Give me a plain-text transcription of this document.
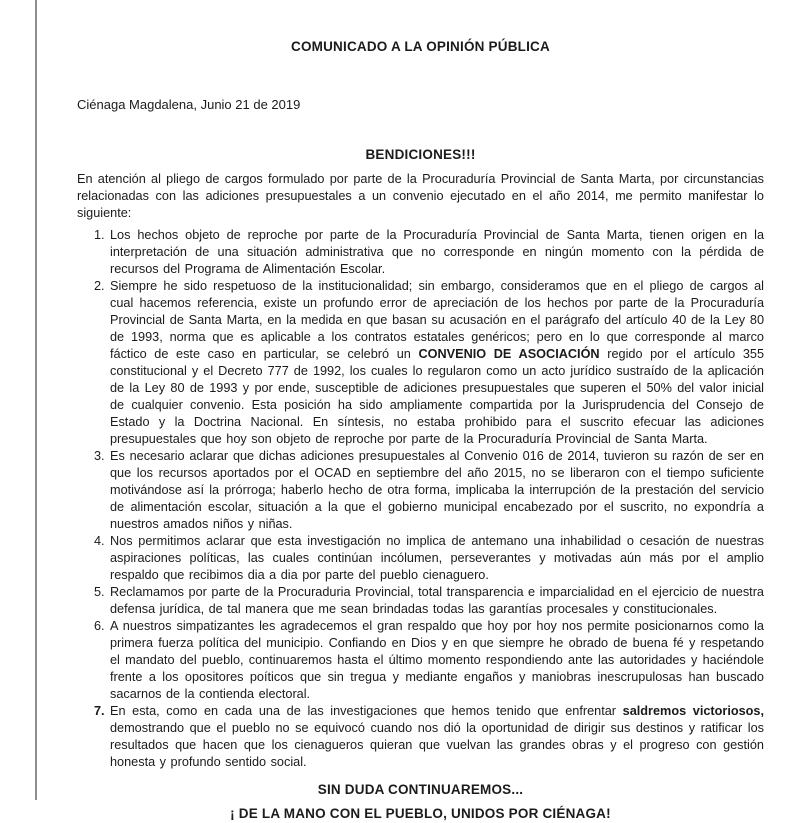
COMUNICADO A LA OPINIÓN PÚBLICA

Ciénaga Magdalena, Junio 21 de 2019

BENDICIONES!!!

En atención al pliego de cargos formulado por parte de la Procuraduría Provincial de Santa Marta, por circunstancias relacionadas con las adiciones presupuestales a un convenio ejecutado en el año 2014, me permito manifestar lo siguiente:

1. Los hechos objeto de reproche por parte de la Procuraduría Provincial de Santa Marta, tienen origen en la interpretación de una situación administrativa que no corresponde en ningún momento con la pérdida de recursos del Programa de Alimentación Escolar.
2. Siempre he sido respetuoso de la institucionalidad; sin embargo, consideramos que en el pliego de cargos al cual hacemos referencia, existe un profundo error de apreciación de los hechos por parte de la Procuraduría Provincial de Santa Marta, en la medida en que basan su acusación en el parágrafo del artículo 40 de la Ley 80 de 1993, norma que es aplicable a los contratos estatales genéricos; pero en lo que corresponde al marco fáctico de este caso en particular, se celebró un CONVENIO DE ASOCIACIÓN regido por el artículo 355 constitucional y el Decreto 777 de 1992, los cuales lo regularon como un acto jurídico sustraído de la aplicación de la Ley 80 de 1993 y por ende, susceptible de adiciones presupuestales que superen el 50% del valor inicial de cualquier convenio. Esta posición ha sido ampliamente compartida por la Jurisprudencia del Consejo de Estado y la Doctrina Nacional. En síntesis, no estaba prohibido para el suscrito efecuar las adiciones presupuestales que hoy son objeto de reproche por parte de la Procuraduría Provincial de Santa Marta.
3. Es necesario aclarar que dichas adiciones presupuestales al Convenio 016 de 2014, tuvieron su razón de ser en que los recursos aportados por el OCAD en septiembre del año 2015, no se liberaron con el tiempo suficiente motivándose así la prórroga; haberlo hecho de otra forma, implicaba la interrupción de la prestación del servicio de alimentación escolar, situación a la que el gobierno municipal encabezado por el suscrito, no expondría a nuestros amados niños y niñas.
4. Nos permitimos aclarar que esta investigación no implica de antemano una inhabilidad o cesación de nuestras aspiraciones políticas, las cuales continúan incólumen, perseverantes y motivadas aún más por el amplio respaldo que recibimos dia a dia por parte del pueblo cienaguero.
5. Reclamamos por parte de la Procuraduria Provincial, total transparencia e imparcialidad en el ejercicio de nuestra defensa jurídica, de tal manera que me sean brindadas todas las garantías procesales y constitucionales.
6. A nuestros simpatizantes les agradecemos el gran respaldo que hoy por hoy nos permite posicionarnos como la primera fuerza política del municipio. Confiando en Dios y en que siempre he obrado de buena fé y respetando el mandato del pueblo, continuaremos hasta el último momento respondiendo ante las autoridades y haciéndole frente a los opositores poíticos que sin tregua y mediante engaños y maniobras inescrupulosas han buscado sacarnos de la contienda electoral.
7. En esta, como en cada una de las investigaciones que hemos tenido que enfrentar saldremos victoriosos, demostrando que el pueblo no se equivocó cuando nos dió la oportunidad de dirigir sus destinos y ratificar los resultados que hacen que los cienagueros quieran que vuelvan las grandes obras y el progreso con gestión honesta y profundo sentido social.

SIN DUDA CONTINUAREMOS...

¡ DE LA MANO CON EL PUEBLO, UNIDOS POR CIÉNAGA!
